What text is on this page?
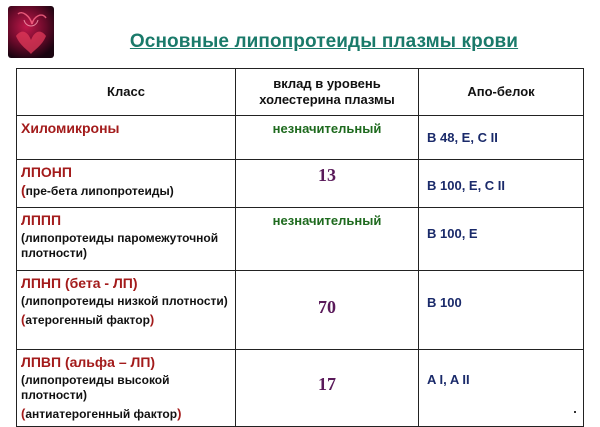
Основные липопротеиды плазмы крови
Класс	вклад в уровень холестерина плазмы	Апо-белок

Хиломикроны	незначительный	B 48, E, C II

ЛПОНП
(пре-бета липопротеиды)	13	B 100, E, C II

ЛППП
(липопротеиды паромежуточной плотности)	незначительный	B 100, E

ЛПНП (бета - ЛП)
(липопротеиды низкой плотности)
(атерогенный фактор)	70	B 100

ЛПВП (альфа – ЛП)
(липопротеиды высокой плотности)
(антиатерогенный фактор)	17	A I, A II
